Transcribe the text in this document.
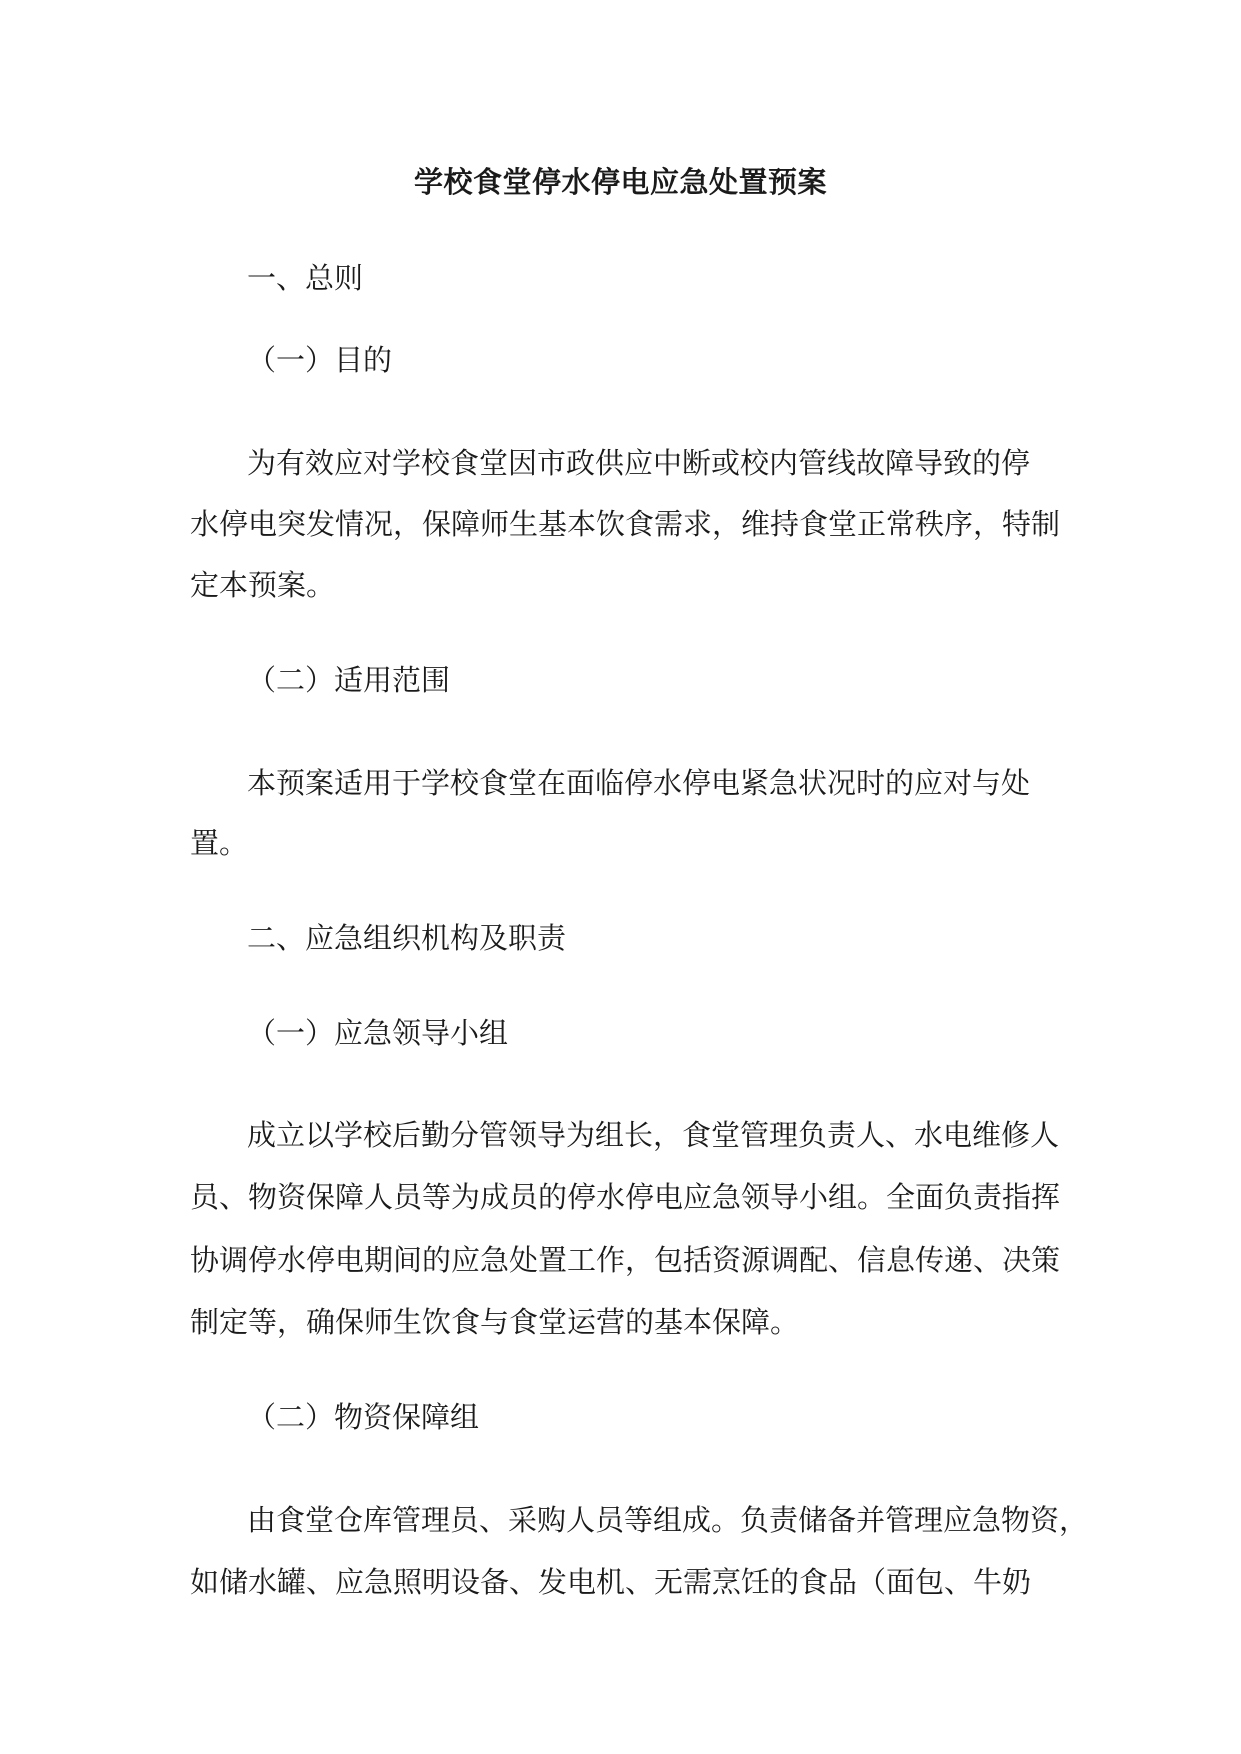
学校食堂停水停电应急处置预案
一、总则
（一）目的
为有效应对学校食堂因市政供应中断或校内管线故障导致的停
水停电突发情况，保障师生基本饮食需求，维持食堂正常秩序，特制
定本预案。
（二）适用范围
本预案适用于学校食堂在面临停水停电紧急状况时的应对与处
置。
二、应急组织机构及职责
（一）应急领导小组
成立以学校后勤分管领导为组长，食堂管理负责人、水电维修人
员、物资保障人员等为成员的停水停电应急领导小组。全面负责指挥
协调停水停电期间的应急处置工作，包括资源调配、信息传递、决策
制定等，确保师生饮食与食堂运营的基本保障。
（二）物资保障组
由食堂仓库管理员、采购人员等组成。负责储备并管理应急物资，
如储水罐、应急照明设备、发电机、无需烹饪的食品（面包、牛奶
